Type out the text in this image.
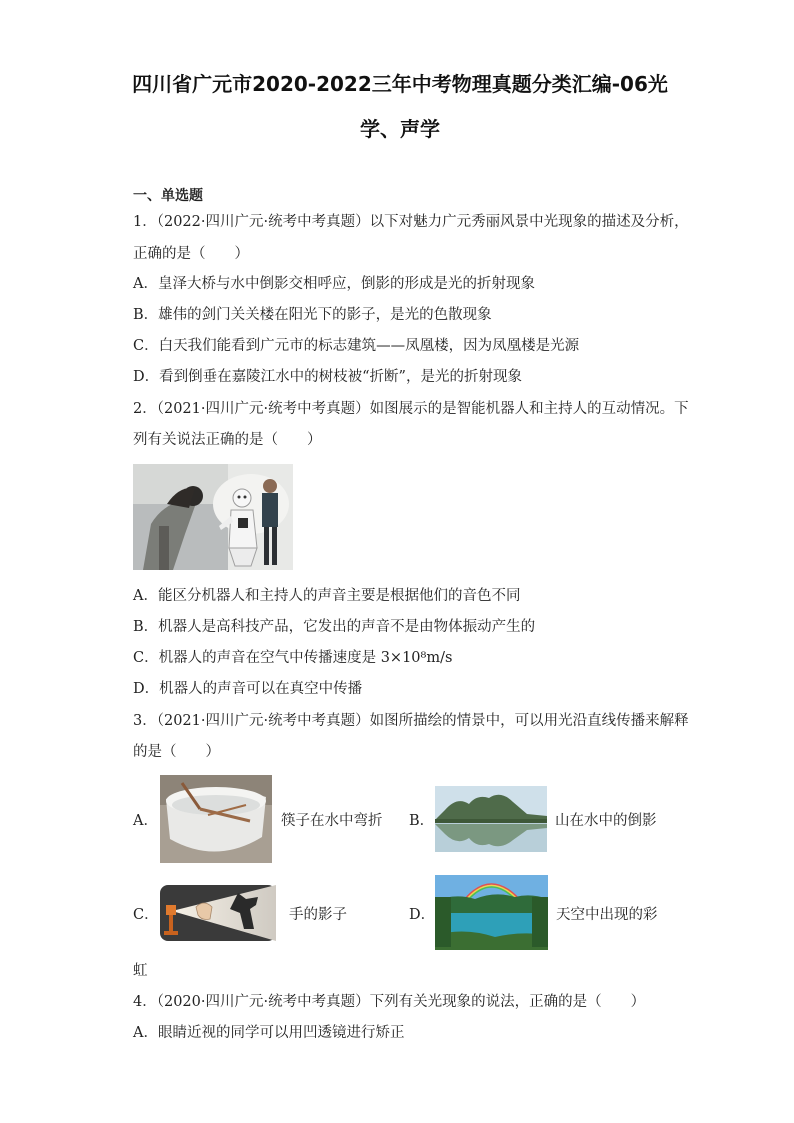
四川省广元市2020-2022三年中考物理真题分类汇编-06光
学、声学
一、单选题
1．（2022·四川广元·统考中考真题）以下对魅力广元秀丽风景中光现象的描述及分析，
正确的是（　　）
A．皇泽大桥与水中倒影交相呼应，倒影的形成是光的折射现象
B．雄伟的剑门关关楼在阳光下的影子，是光的色散现象
C．白天我们能看到广元市的标志建筑——凤凰楼，因为凤凰楼是光源
D．看到倒垂在嘉陵江水中的树枝被“折断”，是光的折射现象
2．（2021·四川广元·统考中考真题）如图展示的是智能机器人和主持人的互动情况。下
列有关说法正确的是（　　）
A．能区分机器人和主持人的声音主要是根据他们的音色不同
B．机器人是高科技产品，它发出的声音不是由物体振动产生的
C．机器人的声音在空气中传播速度是 3×10⁸m/s
D．机器人的声音可以在真空中传播
3．（2021·四川广元·统考中考真题）如图所描绘的情景中，可以用光沿直线传播来解释
的是（　　）
A．	筷子在水中弯折 B．	山在水中的倒影
C．	手的影子	D．	天空中出现的彩
虹
4．（2020·四川广元·统考中考真题）下列有关光现象的说法，正确的是（　　）
A．眼睛近视的同学可以用凹透镜进行矫正
